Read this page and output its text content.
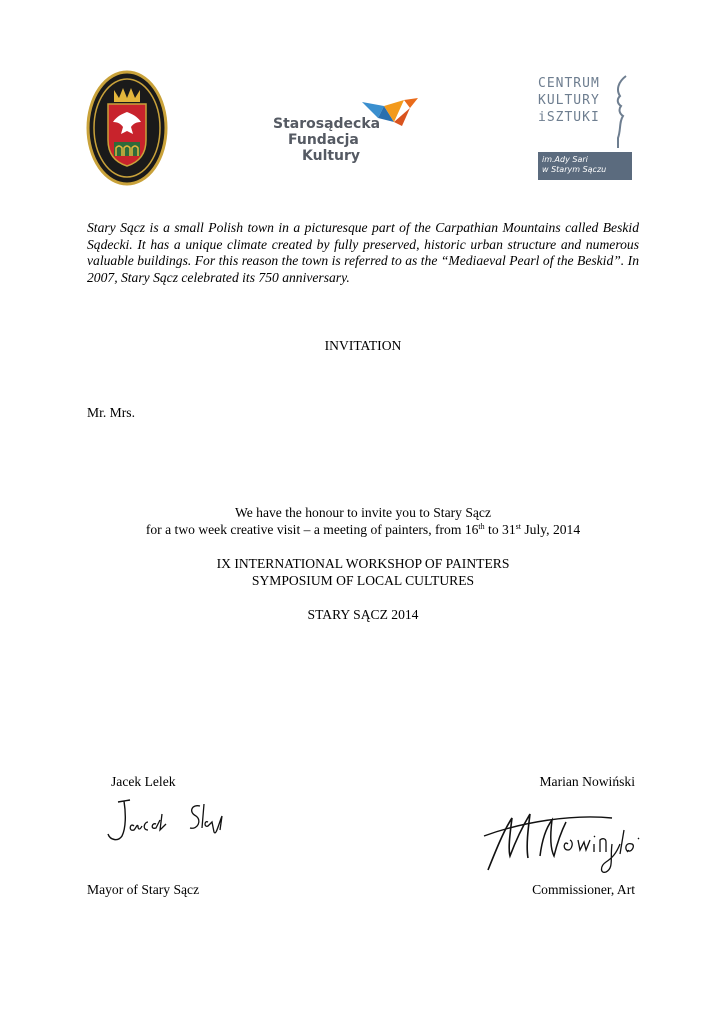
Starosądecka
Fundacja
Kultury
CENTRUM
KULTURY
iSZTUKI
im.Ady Sari
w Starym Sączu
Stary Sącz is a small Polish town in a picturesque part of the Carpathian Mountains called Beskid Sądecki. It has a unique climate created by fully preserved, historic urban structure and numerous valuable buildings. For this reason the town is referred to as the “Mediaeval Pearl of the Beskid”. In 2007, Stary Sącz celebrated its 750 anniversary.
INVITATION
Mr. Mrs.
We have the honour to invite you to Stary Sącz
for a two week creative visit – a meeting of painters, from 16th to 31st July, 2014
IX INTERNATIONAL WORKSHOP OF PAINTERS
SYMPOSIUM OF LOCAL CULTURES
STARY SĄCZ 2014
Jacek Lelek	Marian Nowiński
Mayor of Stary Sącz	Commissioner, Art
